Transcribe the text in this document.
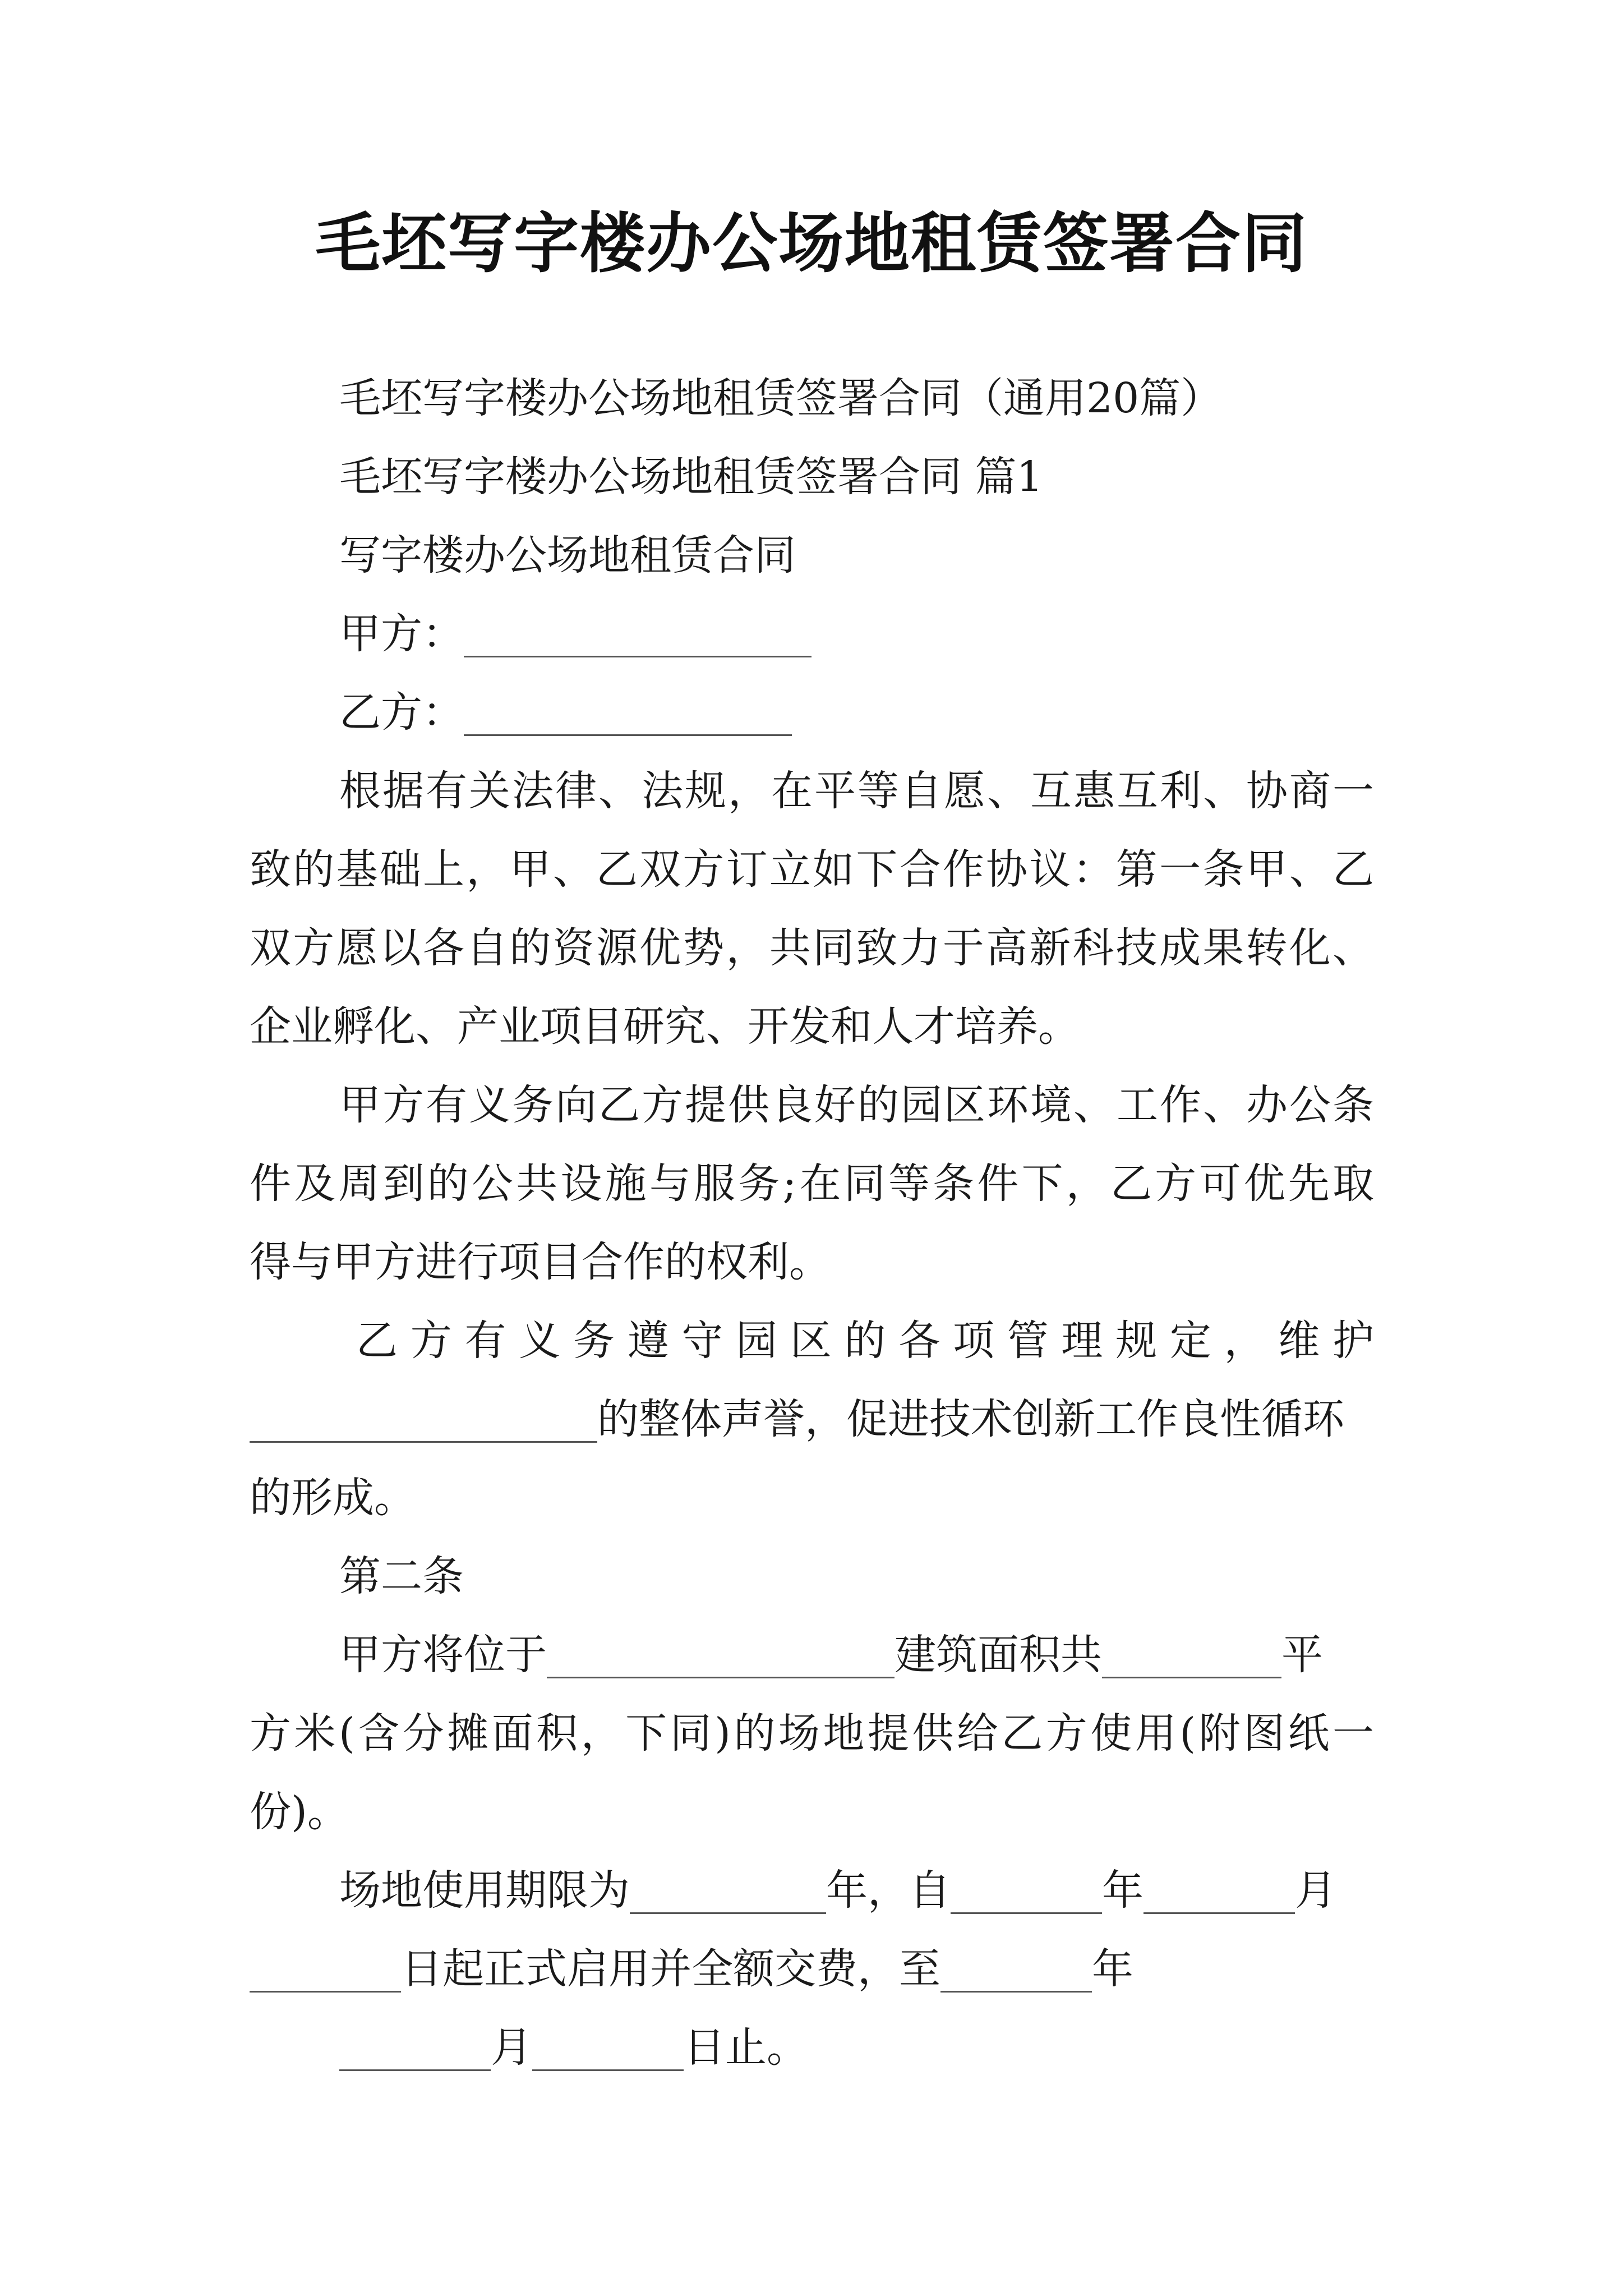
毛坯写字楼办公场地租赁签署合同
毛坯写字楼办公场地租赁签署合同（通用20篇）
毛坯写字楼办公场地租赁签署合同 篇1
写字楼办公场地租赁合同
甲方：
乙方：
根据有关法律、法规，在平等自愿、互惠互利、协商一
致的基础上，甲、乙双方订立如下合作协议：第一条甲、乙
双方愿以各自的资源优势，共同致力于高新科技成果转化、
企业孵化、产业项目研究、开发和人才培养。
甲方有义务向乙方提供良好的园区环境、工作、办公条
件及周到的公共设施与服务;在同等条件下，乙方可优先取
得与甲方进行项目合作的权利。
乙方有义务遵守园区的各项管理规定，维护
的整体声誉，促进技术创新工作良性循环
的形成。
第二条
甲方将位于	建筑面积共	平
方米(含分摊面积，下同)的场地提供给乙方使用(附图纸一
份)。
场地使用期限为	年，自	年	月
日起正式启用并全额交费，至	年
月	日止。
